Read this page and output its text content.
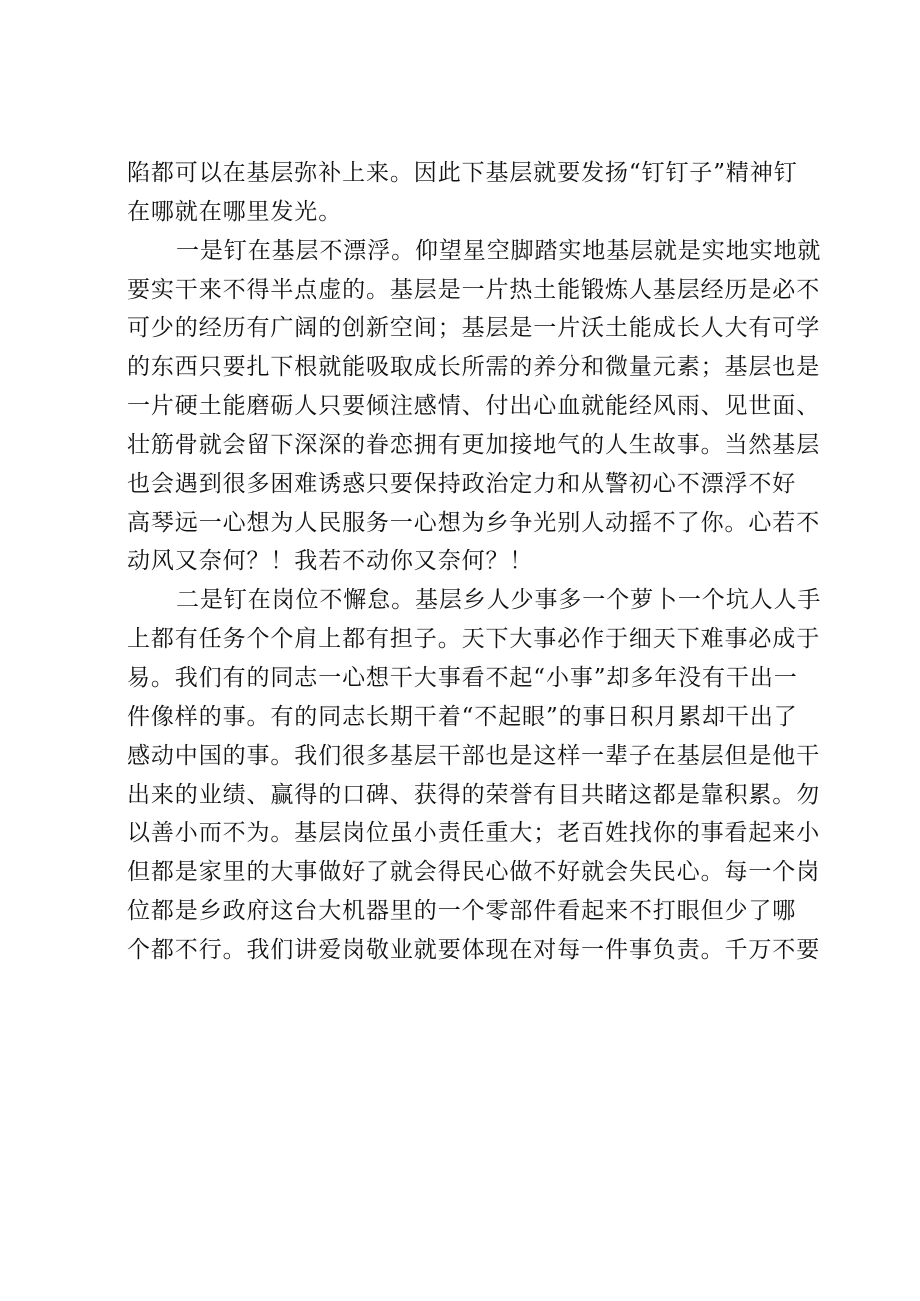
陷都可以在基层弥补上来。因此下基层就要发扬“钉钉子”精神钉
在哪就在哪里发光。
一是钉在基层不漂浮。仰望星空脚踏实地基层就是实地实地就
要实干来不得半点虚的。基层是一片热土能锻炼人基层经历是必不
可少的经历有广阔的创新空间；基层是一片沃土能成长人大有可学
的东西只要扎下根就能吸取成长所需的养分和微量元素；基层也是
一片硬土能磨砺人只要倾注感情、付出心血就能经风雨、见世面、
壮筋骨就会留下深深的眷恋拥有更加接地气的人生故事。当然基层
也会遇到很多困难诱惑只要保持政治定力和从警初心不漂浮不好
高琴远一心想为人民服务一心想为乡争光别人动摇不了你。心若不
动风又奈何？！我若不动你又奈何？！
二是钉在岗位不懈怠。基层乡人少事多一个萝卜一个坑人人手
上都有任务个个肩上都有担子。天下大事必作于细天下难事必成于
易。我们有的同志一心想干大事看不起“小事”却多年没有干出一
件像样的事。有的同志长期干着“不起眼”的事日积月累却干出了
感动中国的事。我们很多基层干部也是这样一辈子在基层但是他干
出来的业绩、赢得的口碑、获得的荣誉有目共睹这都是靠积累。勿
以善小而不为。基层岗位虽小责任重大；老百姓找你的事看起来小
但都是家里的大事做好了就会得民心做不好就会失民心。每一个岗
位都是乡政府这台大机器里的一个零部件看起来不打眼但少了哪
个都不行。我们讲爱岗敬业就要体现在对每一件事负责。千万不要
